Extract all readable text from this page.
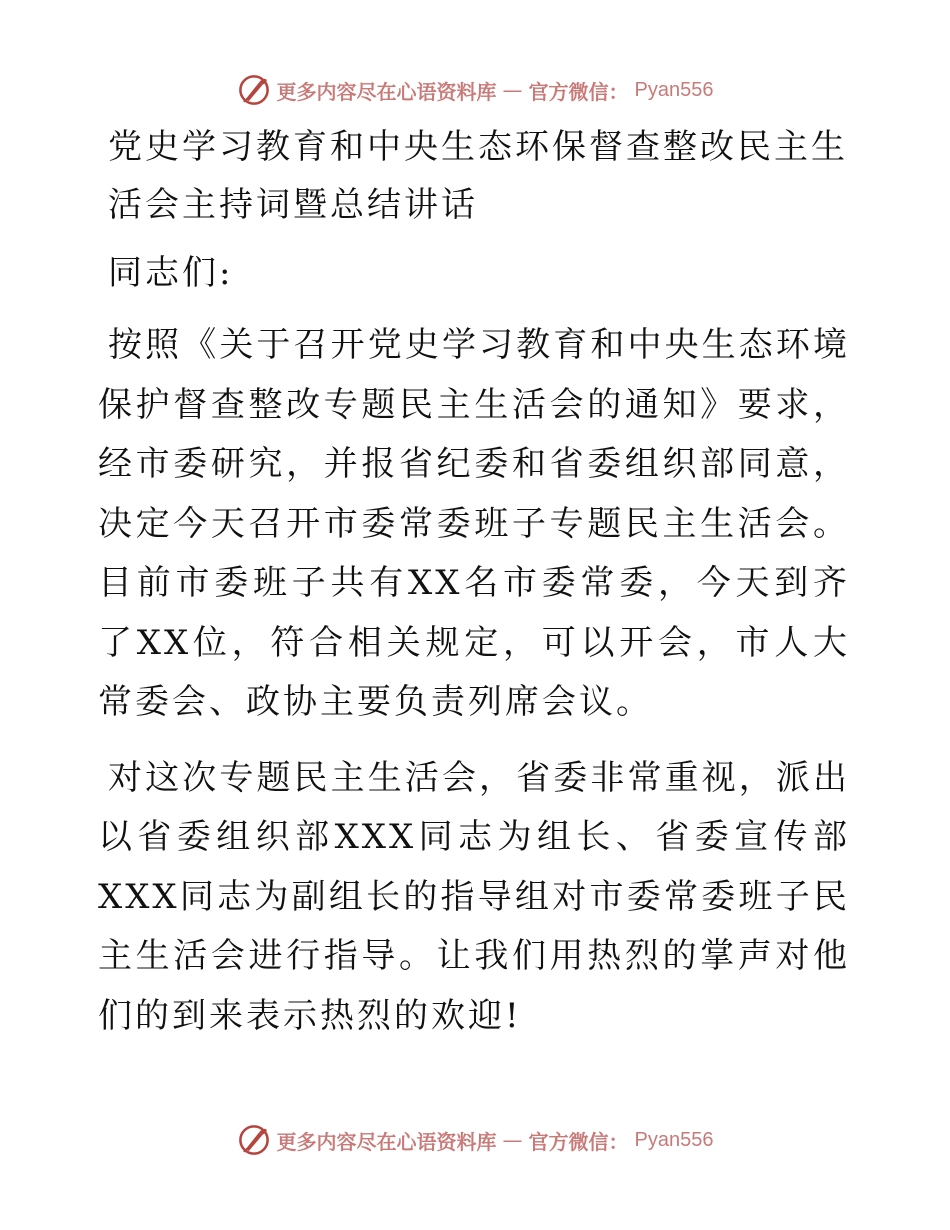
更多内容尽在心语资料库 — 官方微信： Pyan556
党史学习教育和中央生态环保督查整改民主生活会主持词暨总结讲话

同志们:

按照《关于召开党史学习教育和中央生态环境保护督查整改专题民主生活会的通知》要求，经市委研究，并报省纪委和省委组织部同意，决定今天召开市委常委班子专题民主生活会。目前市委班子共有XX名市委常委，今天到齐了XX位，符合相关规定，可以开会，市人大常委会、政协主要负责列席会议。

对这次专题民主生活会，省委非常重视，派出以省委组织部XXX同志为组长、省委宣传部XXX同志为副组长的指导组对市委常委班子民主生活会进行指导。让我们用热烈的掌声对他们的到来表示热烈的欢迎!

更多内容尽在心语资料库 — 官方微信： Pyan556
